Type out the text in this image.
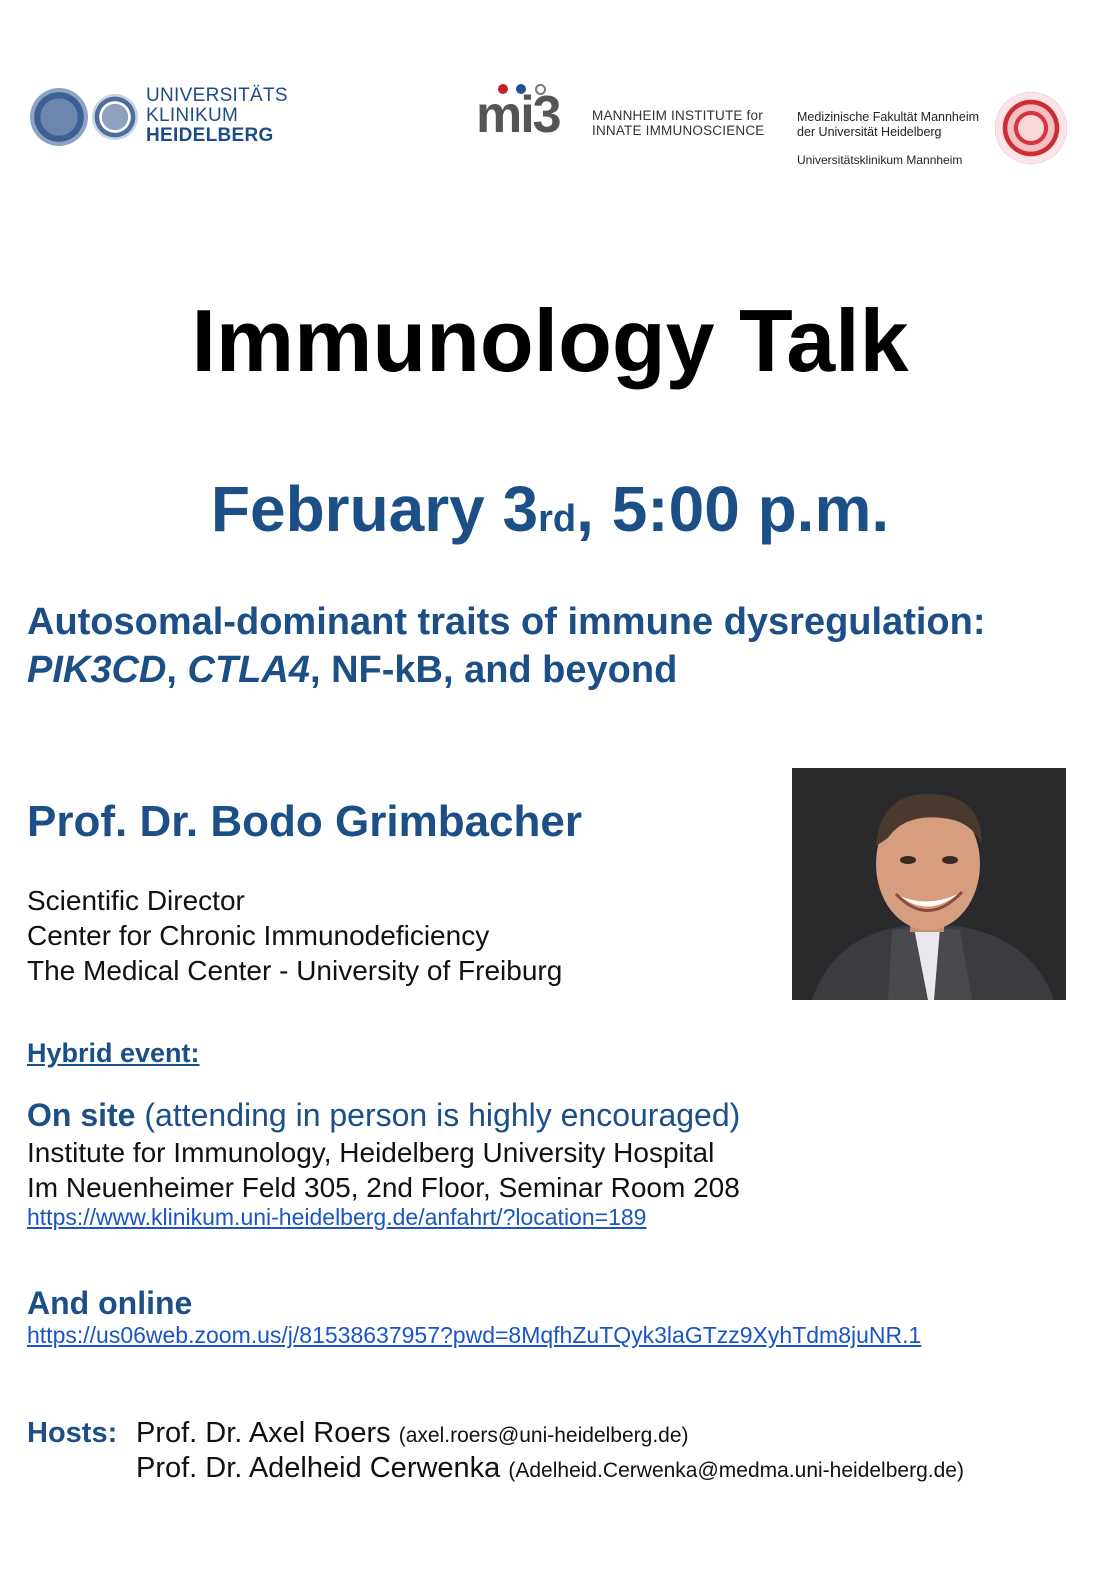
UNIVERSITÄTS
KLINIKUM
HEIDELBERG	mi3 MANNHEIM INSTITUTE for
INNATE IMMUNOSCIENCE
Medizinische Fakultät Mannheim
der Universität Heidelberg
Universitätsklinikum Mannheim
Immunology Talk
February 3rd, 5:00 p.m.
Autosomal-dominant traits of immune dysregulation:
PIK3CD, CTLA4, NF-kB, and beyond
Prof. Dr. Bodo Grimbacher
Scientific Director
Center for Chronic Immunodeficiency
The Medical Center - University of Freiburg
Hybrid event:
On site (attending in person is highly encouraged)
Institute for Immunology, Heidelberg University Hospital
Im Neuenheimer Feld 305, 2nd Floor, Seminar Room 208
https://www.klinikum.uni-heidelberg.de/anfahrt/?location=189
And online
https://us06web.zoom.us/j/81538637957?pwd=8MqfhZuTQyk3laGTzz9XyhTdm8juNR.1
Hosts: Prof. Dr. Axel Roers (axel.roers@uni-heidelberg.de)
Prof. Dr. Adelheid Cerwenka (Adelheid.Cerwenka@medma.uni-heidelberg.de)
